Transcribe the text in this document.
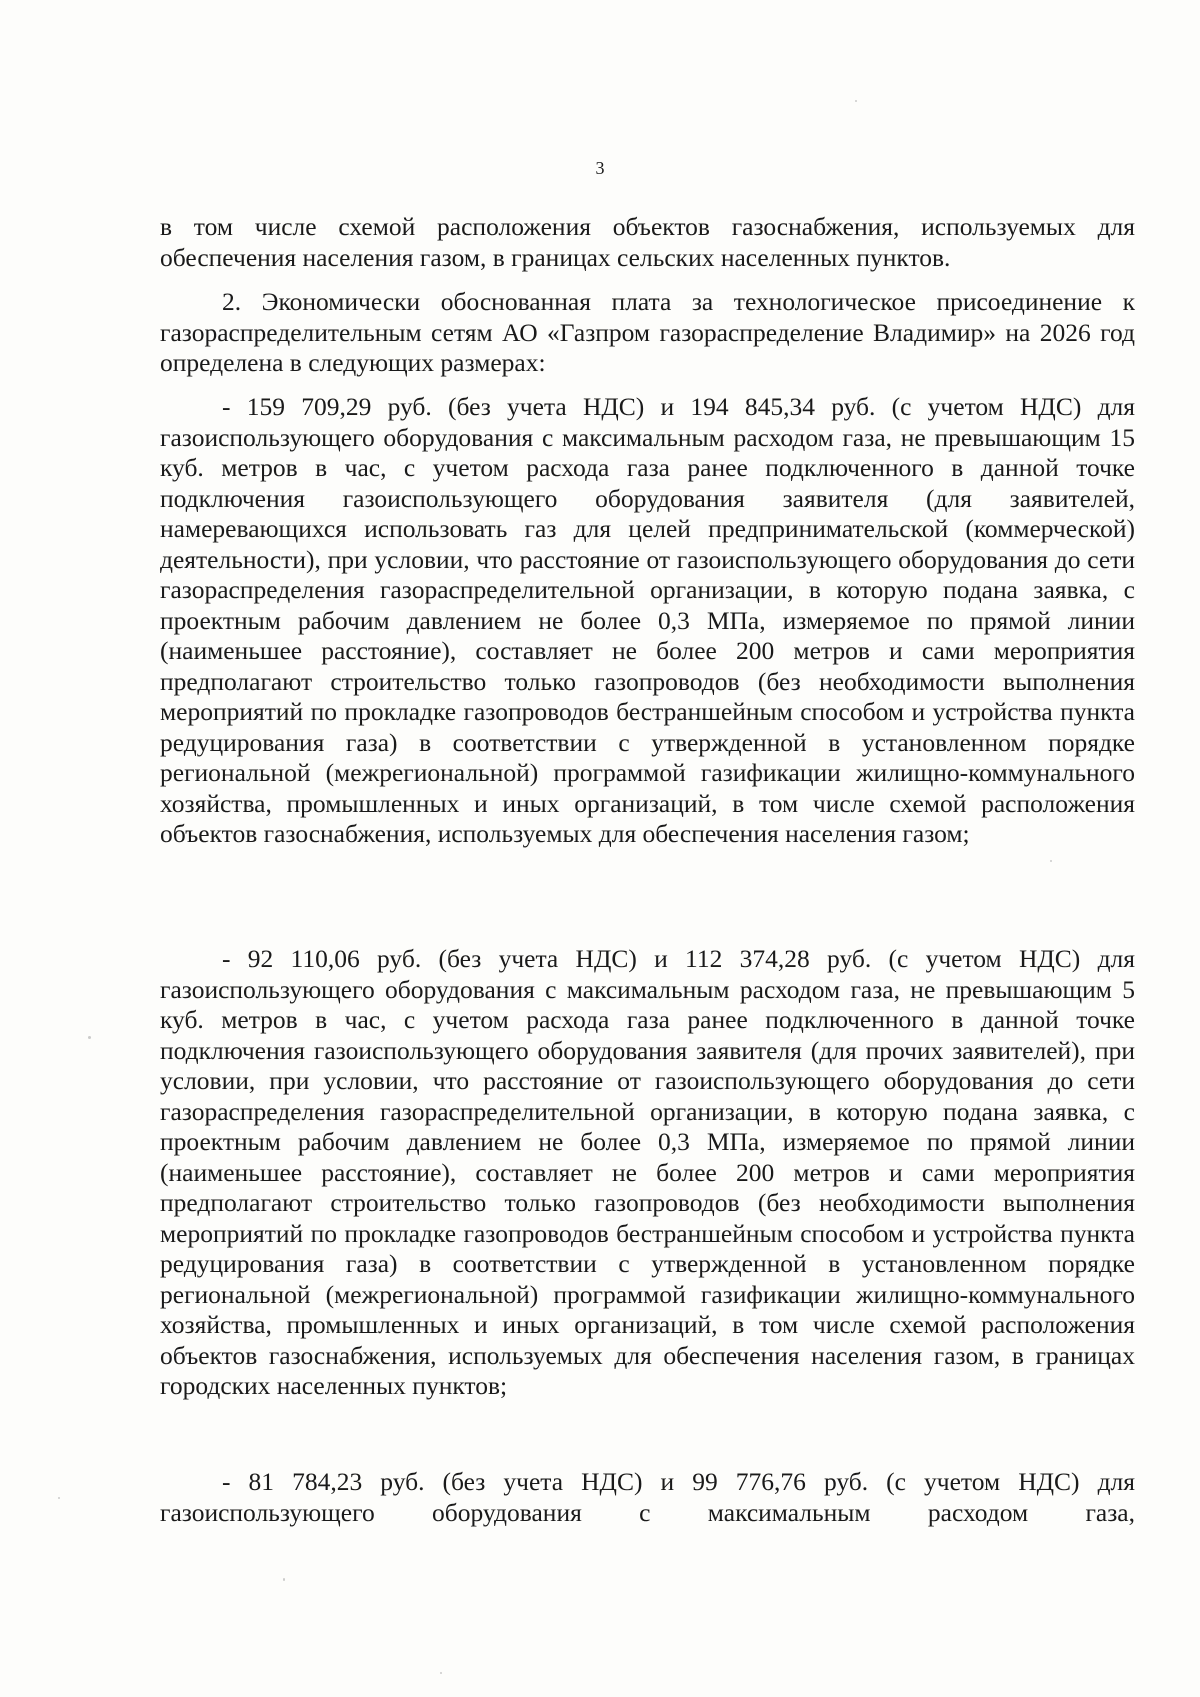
3

в том числе схемой расположения объектов газоснабжения, используемых для обеспечения населения газом, в границах сельских населенных пунктов.

2. Экономически обоснованная плата за технологическое присоединение к газораспределительным сетям АО «Газпром газораспределение Владимир» на 2026 год определена в следующих размерах:

- 159 709,29 руб. (без учета НДС) и 194 845,34 руб. (с учетом НДС) для газоиспользующего оборудования с максимальным расходом газа, не превышающим 15 куб. метров в час, с учетом расхода газа ранее подключенного в данной точке подключения газоиспользующего оборудования заявителя (для заявителей, намеревающихся использовать газ для целей предпринимательской (коммерческой) деятельности), при условии, что расстояние от газоиспользующего оборудования до сети газораспределения газораспределительной организации, в которую подана заявка, с проектным рабочим давлением не более 0,3 МПа, измеряемое по прямой линии (наименьшее расстояние), составляет не более 200 метров и сами мероприятия предполагают строительство только газопроводов (без необходимости выполнения мероприятий по прокладке газопроводов бестраншейным способом и устройства пункта редуцирования газа) в соответствии с утвержденной в установленном порядке региональной (межрегиональной) программой газификации жилищно-коммунального хозяйства, промышленных и иных организаций, в том числе схемой расположения объектов газоснабжения, используемых для обеспечения населения газом;

- 92 110,06 руб. (без учета НДС) и 112 374,28 руб. (с учетом НДС) для газоиспользующего оборудования с максимальным расходом газа, не превышающим 5 куб. метров в час, с учетом расхода газа ранее подключенного в данной точке подключения газоиспользующего оборудования заявителя (для прочих заявителей), при условии, при условии, что расстояние от газоиспользующего оборудования до сети газораспределения газораспределительной организации, в которую подана заявка, с проектным рабочим давлением не более 0,3 МПа, измеряемое по прямой линии (наименьшее расстояние), составляет не более 200 метров и сами мероприятия предполагают строительство только газопроводов (без необходимости выполнения мероприятий по прокладке газопроводов бестраншейным способом и устройства пункта редуцирования газа) в соответствии с утвержденной в установленном порядке региональной (межрегиональной) программой газификации жилищно-коммунального хозяйства, промышленных и иных организаций, в том числе схемой расположения объектов газоснабжения, используемых для обеспечения населения газом, в границах городских населенных пунктов;

- 81 784,23 руб. (без учета НДС) и 99 776,76 руб. (с учетом НДС) для газоиспользующего оборудования с максимальным расходом газа,
